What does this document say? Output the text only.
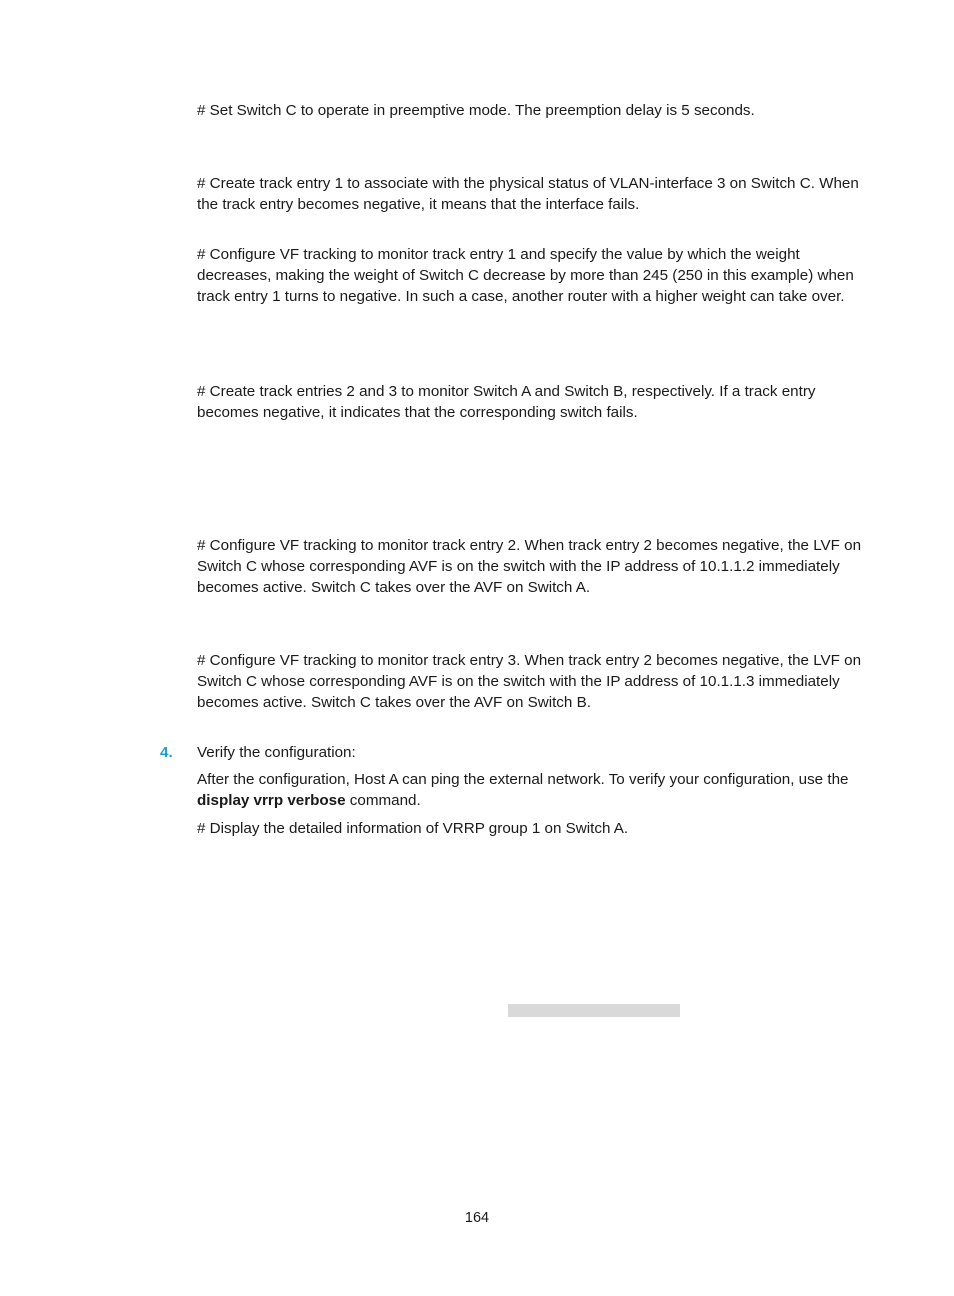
# Set Switch C to operate in preemptive mode. The preemption delay is 5 seconds.

# Create track entry 1 to associate with the physical status of VLAN-interface 3 on Switch C. When the track entry becomes negative, it means that the interface fails.

# Configure VF tracking to monitor track entry 1 and specify the value by which the weight decreases, making the weight of Switch C decrease by more than 245 (250 in this example) when track entry 1 turns to negative. In such a case, another router with a higher weight can take over.

# Create track entries 2 and 3 to monitor Switch A and Switch B, respectively. If a track entry becomes negative, it indicates that the corresponding switch fails.

# Configure VF tracking to monitor track entry 2. When track entry 2 becomes negative, the LVF on Switch C whose corresponding AVF is on the switch with the IP address of 10.1.1.2 immediately becomes active. Switch C takes over the AVF on Switch A.

# Configure VF tracking to monitor track entry 3. When track entry 2 becomes negative, the LVF on Switch C whose corresponding AVF is on the switch with the IP address of 10.1.1.3 immediately becomes active. Switch C takes over the AVF on Switch B.

4. Verify the configuration:

After the configuration, Host A can ping the external network. To verify your configuration, use the display vrrp verbose command.

# Display the detailed information of VRRP group 1 on Switch A.

164
